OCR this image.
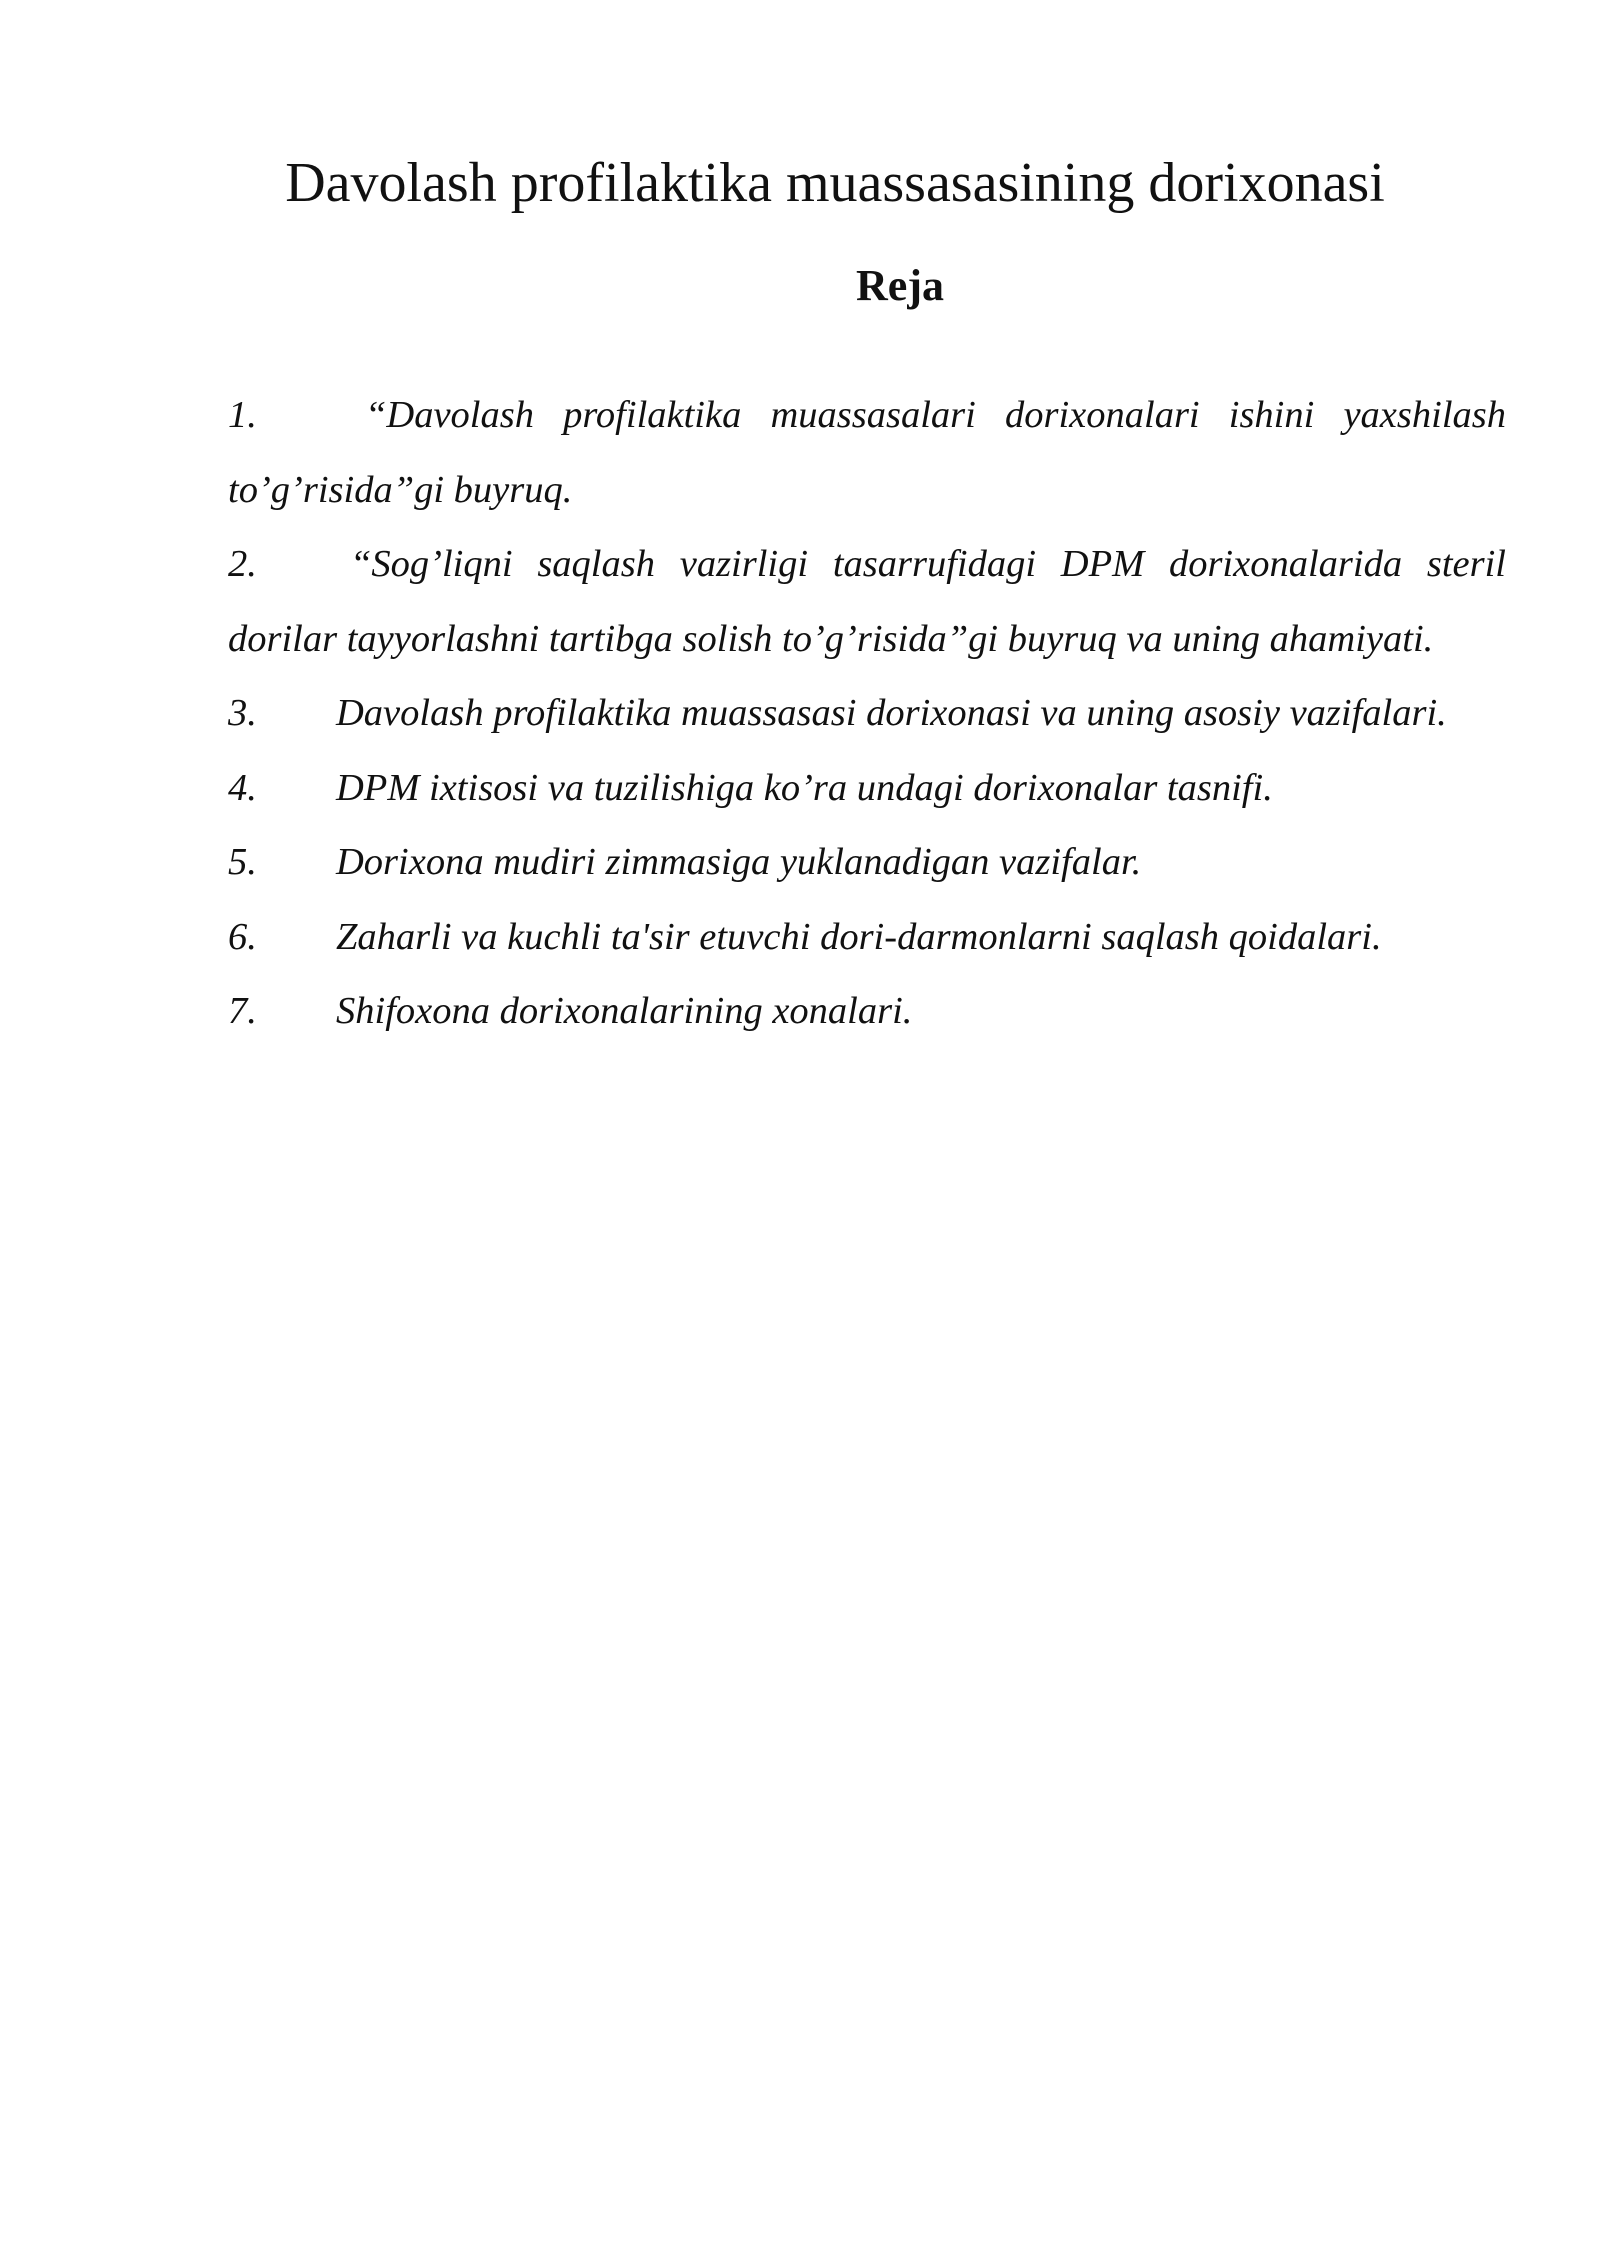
Davolash profilaktika muassasasining dorixonasi
Reja
1.	“Davolash profilaktika muassasalari dorixonalari ishini yaxshilash to’g’risida”gi buyruq.
2. “Sog’liqni saqlash vazirligi tasarrufidagi DPM dorixonalarida steril dorilar tayyorlashni tartibga solish to’g’risida”gi buyruq va uning ahamiyati.
3. Davolash profilaktika muassasasi dorixonasi va uning asosiy vazifalari.
4. DPM ixtisosi va tuzilishiga ko’ra undagi dorixonalar tasnifi.
5. Dorixona mudiri zimmasiga yuklanadigan vazifalar.
6. Zaharli va kuchli ta'sir etuvchi dori-darmonlarni saqlash qoidalari.
7. Shifoxona dorixonalarining xonalari.
